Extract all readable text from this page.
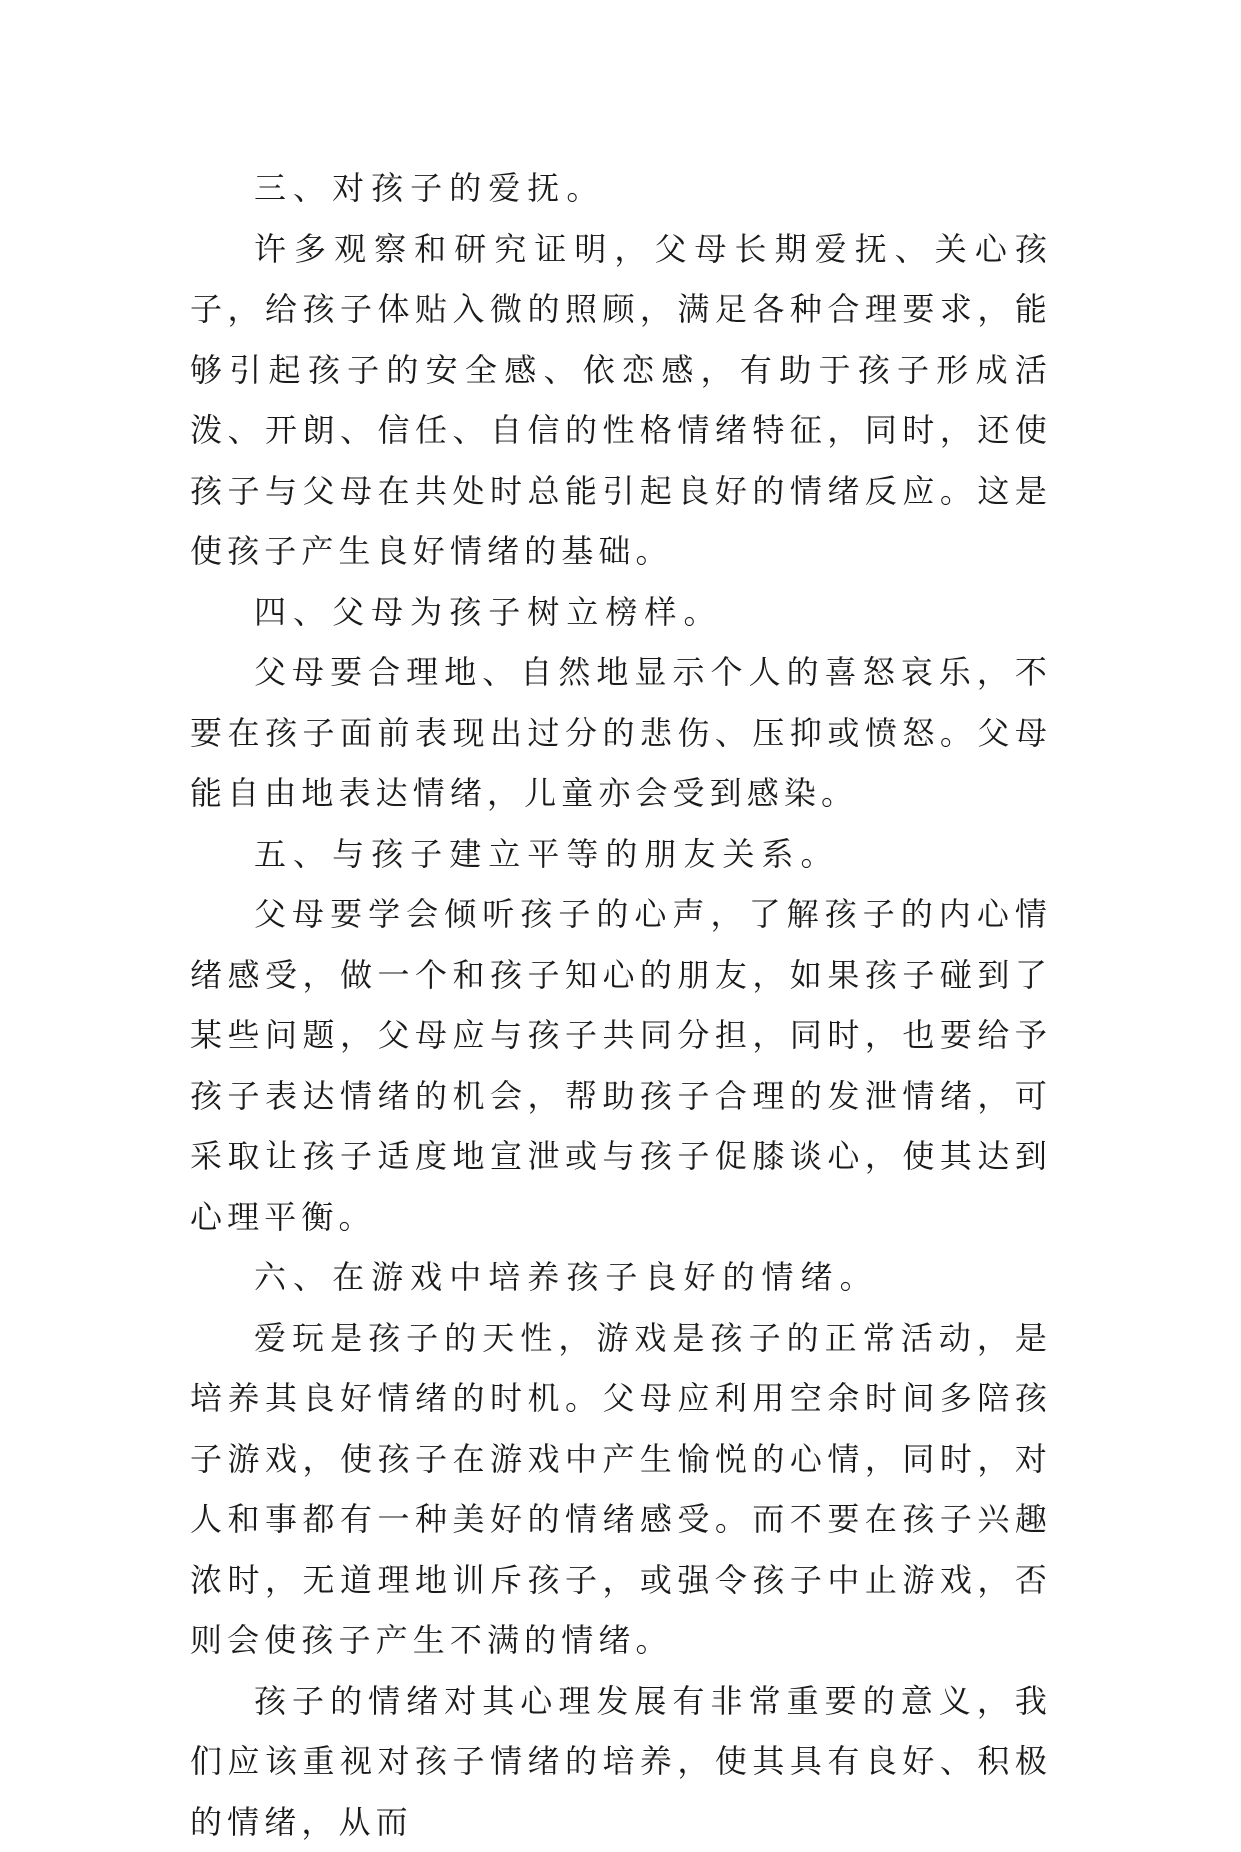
三、对孩子的爱抚。

许多观察和研究证明，父母长期爱抚、关心孩子，给孩子体贴入微的照顾，满足各种合理要求，能够引起孩子的安全感、依恋感，有助于孩子形成活泼、开朗、信任、自信的性格情绪特征，同时，还使孩子与父母在共处时总能引起良好的情绪反应。这是使孩子产生良好情绪的基础。

四、父母为孩子树立榜样。

父母要合理地、自然地显示个人的喜怒哀乐，不要在孩子面前表现出过分的悲伤、压抑或愤怒。父母能自由地表达情绪，儿童亦会受到感染。

五、与孩子建立平等的朋友关系。

父母要学会倾听孩子的心声，了解孩子的内心情绪感受，做一个和孩子知心的朋友，如果孩子碰到了某些问题，父母应与孩子共同分担，同时，也要给予孩子表达情绪的机会，帮助孩子合理的发泄情绪，可采取让孩子适度地宣泄或与孩子促膝谈心，使其达到心理平衡。

六、在游戏中培养孩子良好的情绪。

爱玩是孩子的天性，游戏是孩子的正常活动，是培养其良好情绪的时机。父母应利用空余时间多陪孩子游戏，使孩子在游戏中产生愉悦的心情，同时，对人和事都有一种美好的情绪感受。而不要在孩子兴趣浓时，无道理地训斥孩子，或强令孩子中止游戏，否则会使孩子产生不满的情绪。

孩子的情绪对其心理发展有非常重要的意义，我们应该重视对孩子情绪的培养，使其具有良好、积极的情绪，从而
